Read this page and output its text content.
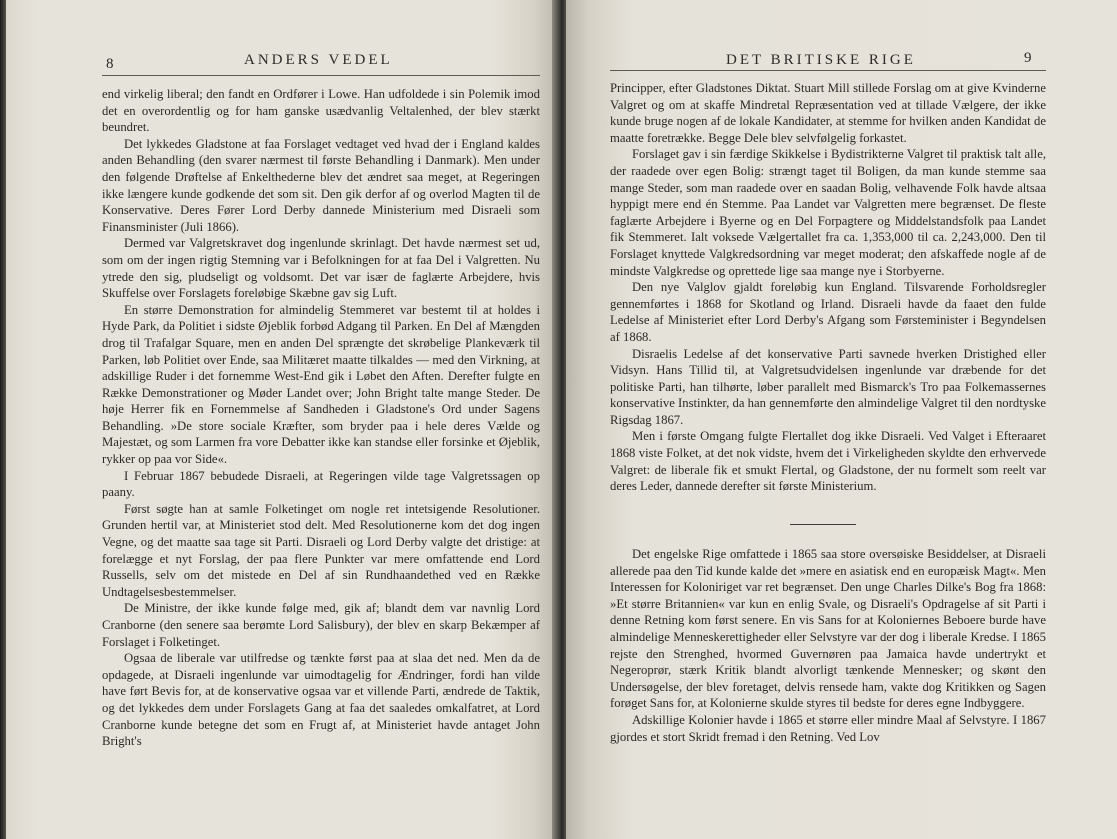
8	ANDERS VEDEL

end virkelig liberal; den fandt en Ordfører i Lowe. Han udfoldede i sin Polemik imod det en overordentlig og for ham ganske usædvanlig Veltalenhed, der blev stærkt beundret.

Det lykkedes Gladstone at faa Forslaget vedtaget ved hvad der i England kaldes anden Behandling (den svarer nærmest til første Behandling i Danmark). Men under den følgende Drøftelse af Enkelthederne blev det ændret saa meget, at Regeringen ikke længere kunde godkende det som sit. Den gik derfor af og overlod Magten til de Konservative. Deres Fører Lord Derby dannede Ministerium med Disraeli som Finansminister (Juli 1866).

Dermed var Valgretskravet dog ingenlunde skrinlagt. Det havde nærmest set ud, som om der ingen rigtig Stemning var i Befolkningen for at faa Del i Valgretten. Nu ytrede den sig, pludseligt og voldsomt. Det var især de faglærte Arbejdere, hvis Skuffelse over Forslagets foreløbige Skæbne gav sig Luft.

En større Demonstration for almindelig Stemmeret var bestemt til at holdes i Hyde Park, da Politiet i sidste Øjeblik forbød Adgang til Parken. En Del af Mængden drog til Trafalgar Square, men en anden Del sprængte det skrøbelige Plankeværk til Parken, løb Politiet over Ende, saa Militæret maatte tilkaldes — med den Virkning, at adskillige Ruder i det fornemme West-End gik i Løbet den Aften. Derefter fulgte en Række Demonstrationer og Møder Landet over; John Bright talte mange Steder. De høje Herrer fik en Fornemmelse af Sandheden i Gladstone's Ord under Sagens Behandling. »De store sociale Kræfter, som bryder paa i hele deres Vælde og Majestæt, og som Larmen fra vore Debatter ikke kan standse eller forsinke et Øjeblik, rykker op paa vor Side«.

I Februar 1867 bebudede Disraeli, at Regeringen vilde tage Valgretssagen op paany.

Først søgte han at samle Folketinget om nogle ret intetsigende Resolutioner. Grunden hertil var, at Ministeriet stod delt. Med Resolutionerne kom det dog ingen Vegne, og det maatte saa tage sit Parti. Disraeli og Lord Derby valgte det dristige: at forelægge et nyt Forslag, der paa flere Punkter var mere omfattende end Lord Russells, selv om det mistede en Del af sin Rundhaandethed ved en Række Undtagelsesbestemmelser.

De Ministre, der ikke kunde følge med, gik af; blandt dem var navnlig Lord Cranborne (den senere saa berømte Lord Salisbury), der blev en skarp Bekæmper af Forslaget i Folketinget.

Ogsaa de liberale var utilfredse og tænkte først paa at slaa det ned. Men da de opdagede, at Disraeli ingenlunde var uimodtagelig for Ændringer, fordi han vilde have ført Bevis for, at de konservative ogsaa var et villende Parti, ændrede de Taktik, og det lykkedes dem under Forslagets Gang at faa det saaledes omkalfatret, at Lord Cranborne kunde betegne det som en Frugt af, at Ministeriet havde antaget John Bright's

DET BRITISKE RIGE	9

Principper, efter Gladstones Diktat. Stuart Mill stillede Forslag om at give Kvinderne Valgret og om at skaffe Mindretal Repræsentation ved at tillade Vælgere, der ikke kunde bruge nogen af de lokale Kandidater, at stemme for hvilken anden Kandidat de maatte foretrække. Begge Dele blev selvfølgelig forkastet.

Forslaget gav i sin færdige Skikkelse i Bydistrikterne Valgret til praktisk talt alle, der raadede over egen Bolig: strængt taget til Boligen, da man kunde stemme saa mange Steder, som man raadede over en saadan Bolig, velhavende Folk havde altsaa hyppigt mere end én Stemme. Paa Landet var Valgretten mere begrænset. De fleste faglærte Arbejdere i Byerne og en Del Forpagtere og Middelstandsfolk paa Landet fik Stemmeret. Ialt voksede Vælgertallet fra ca. 1,353,000 til ca. 2,243,000. Den til Forslaget knyttede Valgkredsordning var meget moderat; den afskaffede nogle af de mindste Valgkredse og oprettede lige saa mange nye i Storbyerne.

Den nye Valglov gjaldt foreløbig kun England. Tilsvarende Forholdsregler gennemførtes i 1868 for Skotland og Irland. Disraeli havde da faaet den fulde Ledelse af Ministeriet efter Lord Derby's Afgang som Førsteminister i Begyndelsen af 1868.

Disraelis Ledelse af det konservative Parti savnede hverken Dristighed eller Vidsyn. Hans Tillid til, at Valgretsudvidelsen ingenlunde var dræbende for det politiske Parti, han tilhørte, løber parallelt med Bismarck's Tro paa Folkemassernes konservative Instinkter, da han gennemførte den almindelige Valgret til den nordtyske Rigsdag 1867.

Men i første Omgang fulgte Flertallet dog ikke Disraeli. Ved Valget i Efteraaret 1868 viste Folket, at det nok vidste, hvem det i Virkeligheden skyldte den erhvervede Valgret: de liberale fik et smukt Flertal, og Gladstone, der nu formelt som reelt var deres Leder, dannede derefter sit første Ministerium.

Det engelske Rige omfattede i 1865 saa store oversøiske Besiddelser, at Disraeli allerede paa den Tid kunde kalde det »mere en asiatisk end en europæisk Magt«. Men Interessen for Koloniriget var ret begrænset. Den unge Charles Dilke's Bog fra 1868: »Et større Britannien« var kun en enlig Svale, og Disraeli's Opdragelse af sit Parti i denne Retning kom først senere. En vis Sans for at Koloniernes Beboere burde have almindelige Menneskerettigheder eller Selvstyre var der dog i liberale Kredse. I 1865 rejste den Strenghed, hvormed Guvernøren paa Jamaica havde undertrykt et Negeroprør, stærk Kritik blandt alvorligt tænkende Mennesker; og skønt den Undersøgelse, der blev foretaget, delvis rensede ham, vakte dog Kritikken og Sagen forøget Sans for, at Kolonierne skulde styres til bedste for deres egne Indbyggere.

Adskillige Kolonier havde i 1865 et større eller mindre Maal af Selvstyre. I 1867 gjordes et stort Skridt fremad i den Retning. Ved Lov
